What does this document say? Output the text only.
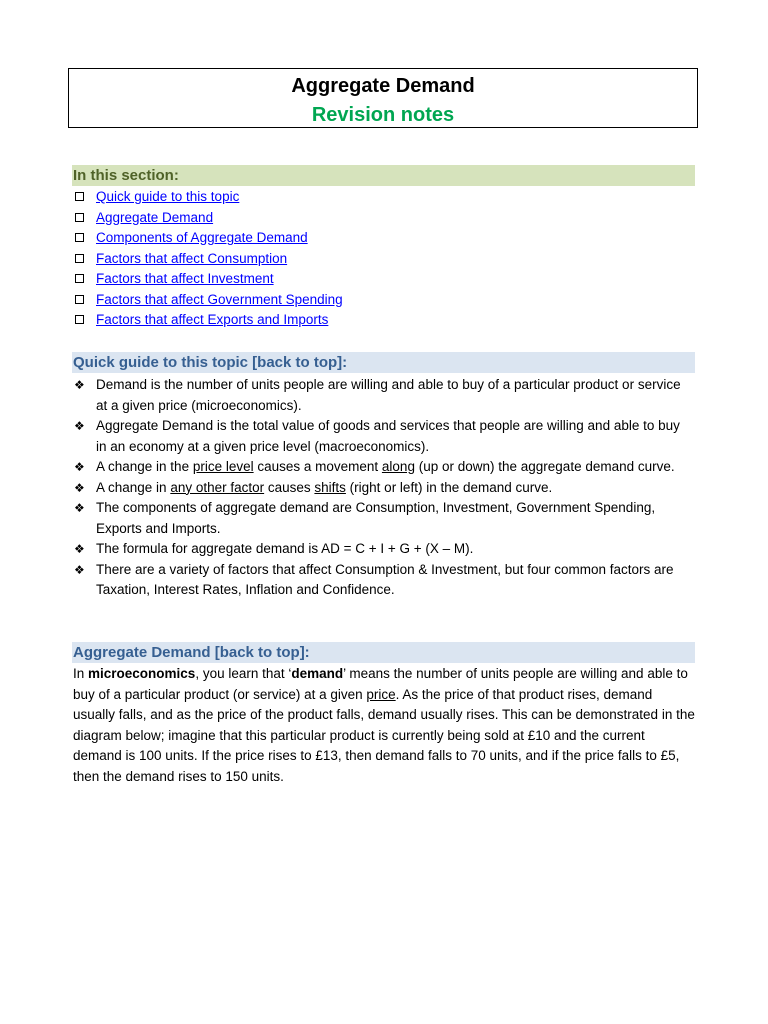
Aggregate Demand
Revision notes
In this section:
Quick guide to this topic
Aggregate Demand
Components of Aggregate Demand
Factors that affect Consumption
Factors that affect Investment
Factors that affect Government Spending
Factors that affect Exports and Imports
Quick guide to this topic [back to top]:
❖ Demand is the number of units people are willing and able to buy of a particular product or service at a given price (microeconomics).
❖ Aggregate Demand is the total value of goods and services that people are willing and able to buy in an economy at a given price level (macroeconomics).
❖ A change in the price level causes a movement along (up or down) the aggregate demand curve.
❖ A change in any other factor causes shifts (right or left) in the demand curve.
❖ The components of aggregate demand are Consumption, Investment, Government Spending, Exports and Imports.
❖ The formula for aggregate demand is AD = C + I + G + (X – M).
❖ There are a variety of factors that affect Consumption & Investment, but four common factors are Taxation, Interest Rates, Inflation and Confidence.
Aggregate Demand [back to top]:
In microeconomics, you learn that ‘demand’ means the number of units people are willing and able to buy of a particular product (or service) at a given price. As the price of that product rises, demand usually falls, and as the price of the product falls, demand usually rises. This can be demonstrated in the diagram below; imagine that this particular product is currently being sold at £10 and the current demand is 100 units. If the price rises to £13, then demand falls to 70 units, and if the price falls to £5, then the demand rises to 150 units.
